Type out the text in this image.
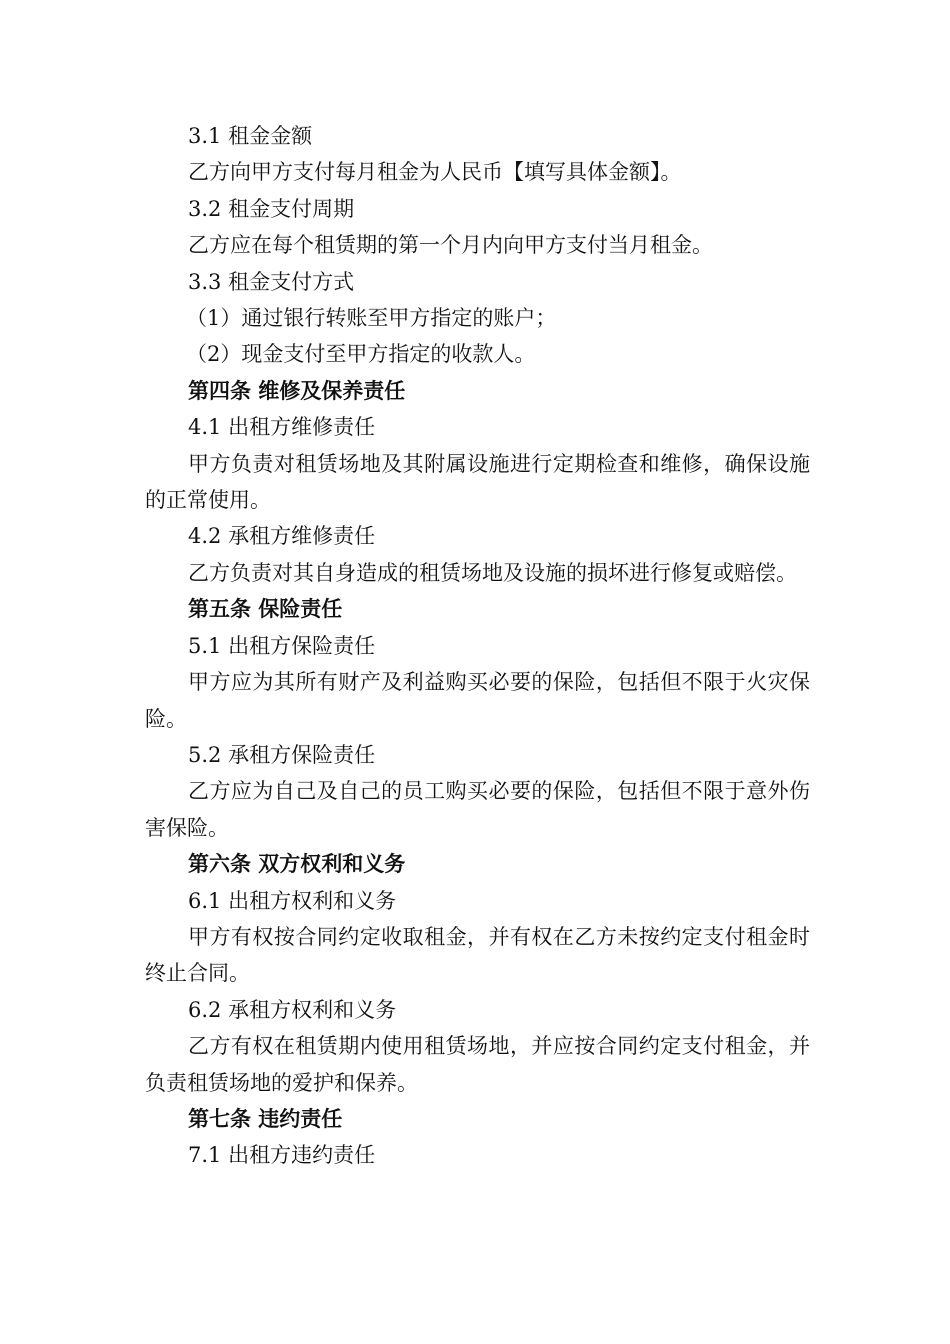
3.1 租金金额

乙方向甲方支付每月租金为人民币【填写具体金额】。

3.2 租金支付周期

乙方应在每个租赁期的第一个月内向甲方支付当月租金。

3.3 租金支付方式

（1）通过银行转账至甲方指定的账户；

（2）现金支付至甲方指定的收款人。

第四条 维修及保养责任

4.1 出租方维修责任

甲方负责对租赁场地及其附属设施进行定期检查和维修，确保设施的正常使用。

4.2 承租方维修责任

乙方负责对其自身造成的租赁场地及设施的损坏进行修复或赔偿。

第五条 保险责任

5.1 出租方保险责任

甲方应为其所有财产及利益购买必要的保险，包括但不限于火灾保险。

5.2 承租方保险责任

乙方应为自己及自己的员工购买必要的保险，包括但不限于意外伤害保险。

第六条 双方权利和义务

6.1 出租方权利和义务

甲方有权按合同约定收取租金，并有权在乙方未按约定支付租金时终止合同。

6.2 承租方权利和义务

乙方有权在租赁期内使用租赁场地，并应按合同约定支付租金，并负责租赁场地的爱护和保养。

第七条 违约责任

7.1 出租方违约责任
